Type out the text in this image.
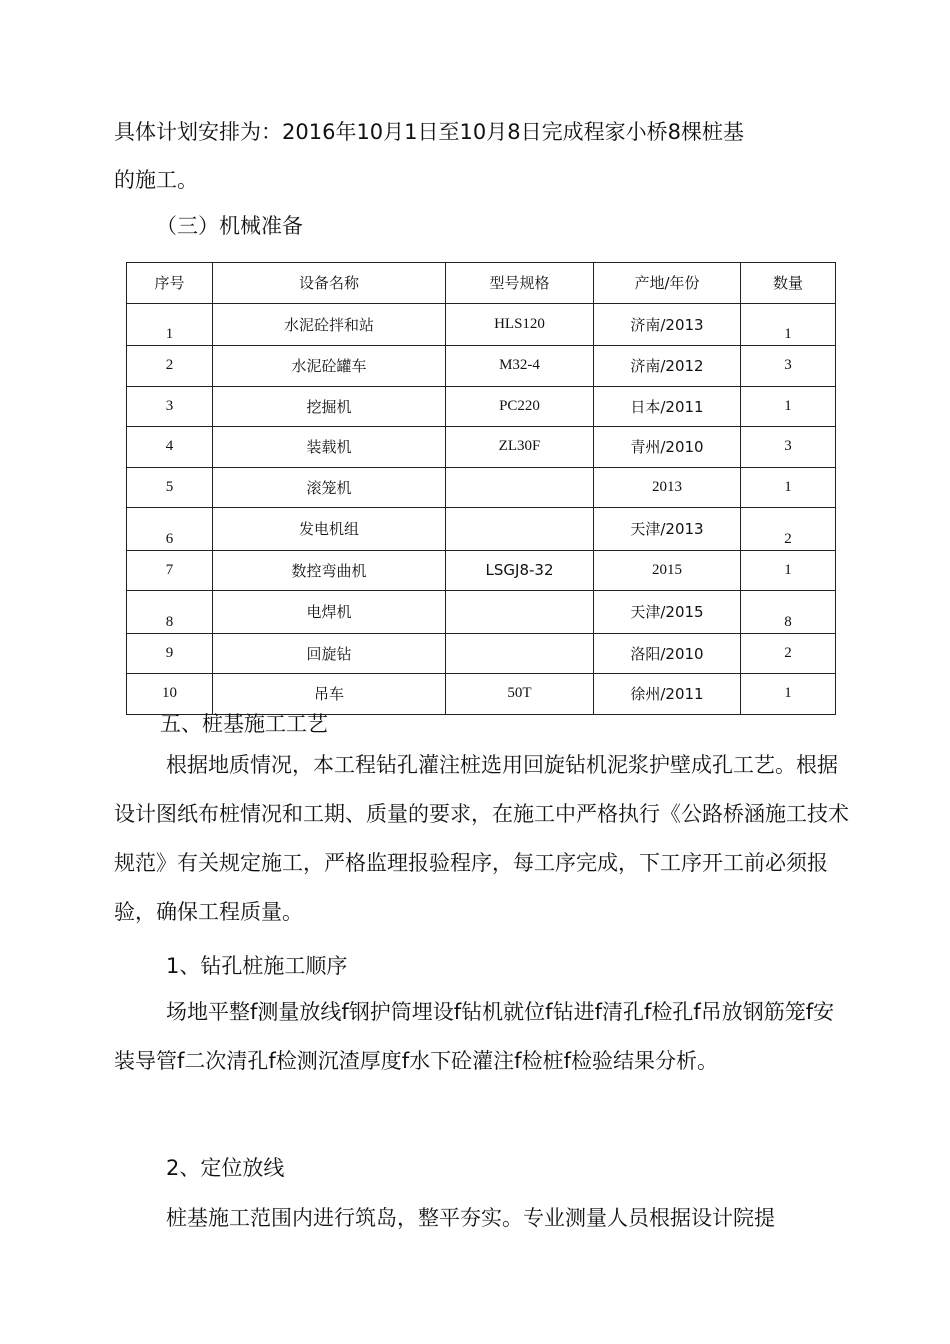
具体计划安排为：2016年10月1日至10月8日完成程家小桥8棵桩基

的施工。

（三）机械准备

序号	设备名称	型号规格	产地/年份	数量
1	水泥砼拌和站	HLS120	济南/2013	1
2	水泥砼罐车	M32-4	济南/2012	3
3	挖掘机	PC220	日本/2011	1
4	装载机	ZL30F	青州/2010	3
5	滚笼机		2013	1
6	发电机组		天津/2013	2
7	数控弯曲机	LSGJ8-32	2015	1
8	电焊机		天津/2015	8
9	回旋钻		洛阳/2010	2
10	吊车	50T	徐州/2011	1

五、桩基施工工艺

根据地质情况，本工程钻孔灌注桩选用回旋钻机泥浆护壁成孔工艺。根据设计图纸布桩情况和工期、质量的要求，在施工中严格执行《公路桥涵施工技术规范》有关规定施工，严格监理报验程序，每工序完成，下工序开工前必须报验，确保工程质量。

1、钻孔桩施工顺序

场地平整f测量放线f钢护筒埋设f钻机就位f钻进f清孔f检孔f吊放钢筋笼f安装导管f二次清孔f检测沉渣厚度f水下砼灌注f检桩f检验结果分析。

2、定位放线

桩基施工范围内进行筑岛，整平夯实。专业测量人员根据设计院提
